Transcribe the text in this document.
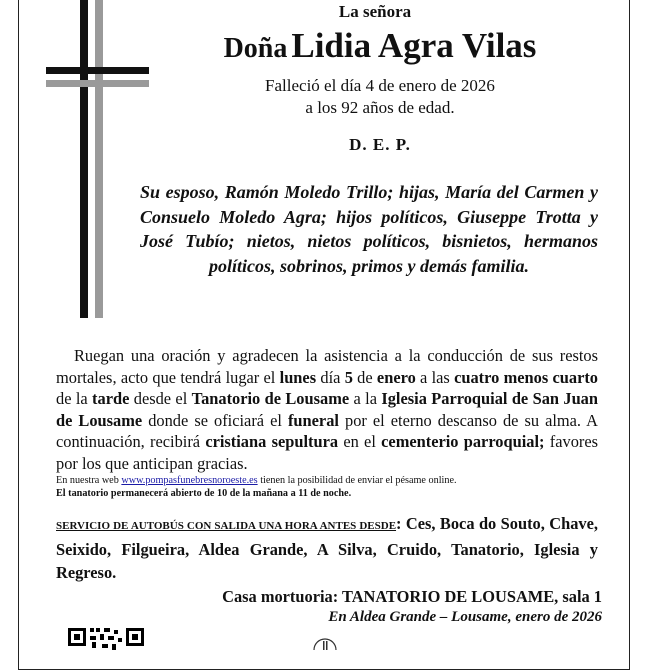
La señora
Doña Lidia Agra Vilas
Falleció el día 4 de enero de 2026
a los 92 años de edad.
D. E. P.

Su esposo, Ramón Moledo Trillo; hijas, María del Carmen y Consuelo Moledo Agra; hijos políticos, Giuseppe Trotta y José Tubío; nietos, nietos políticos, bisnietos, hermanos políticos, sobrinos, primos y demás familia.

Ruegan una oración y agradecen la asistencia a la conducción de sus restos mortales, acto que tendrá lugar el lunes día 5 de enero a las cuatro menos cuarto de la tarde desde el Tanatorio de Lousame a la Iglesia Parroquial de San Juan de Lousame donde se oficiará el funeral por el eterno descanso de su alma. A continuación, recibirá cristiana sepultura en el cementerio parroquial; favores por los que anticipan gracias.

En nuestra web www.pompasfunebresnoroeste.es tienen la posibilidad de enviar el pésame online.
El tanatorio permanecerá abierto de 10 de la mañana a 11 de noche.

SERVICIO DE AUTOBÚS CON SALIDA UNA HORA ANTES DESDE: Ces, Boca do Souto, Chave, Seixido, Filgueira, Aldea Grande, A Silva, Cruido, Tanatorio, Iglesia y Regreso.

Casa mortuoria: TANATORIO DE LOUSAME, sala 1
En Aldea Grande – Lousame, enero de 2026
